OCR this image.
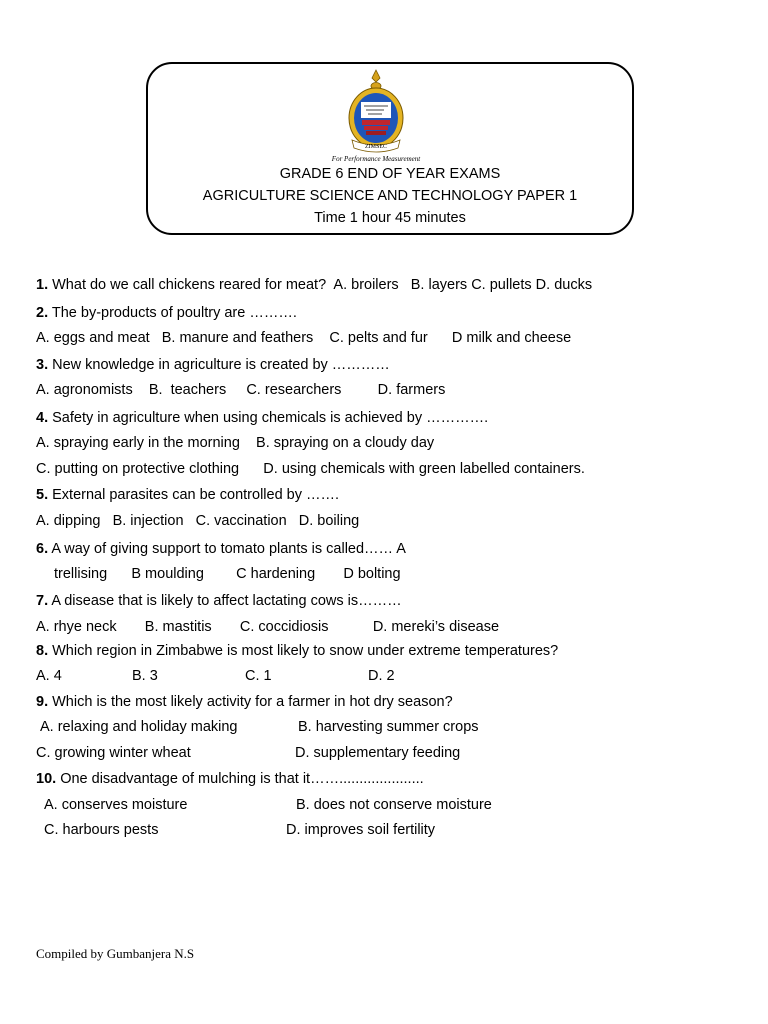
ZIMSEC
For Performance Measurement
GRADE 6 END OF YEAR EXAMS
AGRICULTURE SCIENCE AND TECHNOLOGY PAPER 1
Time 1 hour 45 minutes
1. What do we call chickens reared for meat?  A. broilers   B. layers C. pullets D. ducks
2. The by-products of poultry are ……….
A. eggs and meat   B. manure and feathers    C. pelts and fur      D milk and cheese
3. New knowledge in agriculture is created by …………
A. agronomists    B.  teachers     C. researchers         D. farmers
4. Safety in agriculture when using chemicals is achieved by ………….
A. spraying early in the morning    B. spraying on a cloudy day
C. putting on protective clothing      D. using chemicals with green labelled containers.
5. External parasites can be controlled by …….
A. dipping   B. injection   C. vaccination   D. boiling
6. A way of giving support to tomato plants is called…… A
trellising      B moulding        C hardening       D bolting
7. A disease that is likely to affect lactating cows is………
A. rhye neck       B. mastitis       C. coccidiosis           D. mereki’s disease
8. Which region in Zimbabwe is most likely to snow under extreme temperatures?
A. 4	B. 3	C. 1	D. 2
9. Which is the most likely activity for a farmer in hot dry season?
A. relaxing and holiday making	B. harvesting summer crops
C. growing winter wheat	D. supplementary feeding
10. One disadvantage of mulching is that it…….....................
A. conserves moisture	B. does not conserve moisture
C. harbours pests	D. improves soil fertility
Compiled by Gumbanjera N.S
